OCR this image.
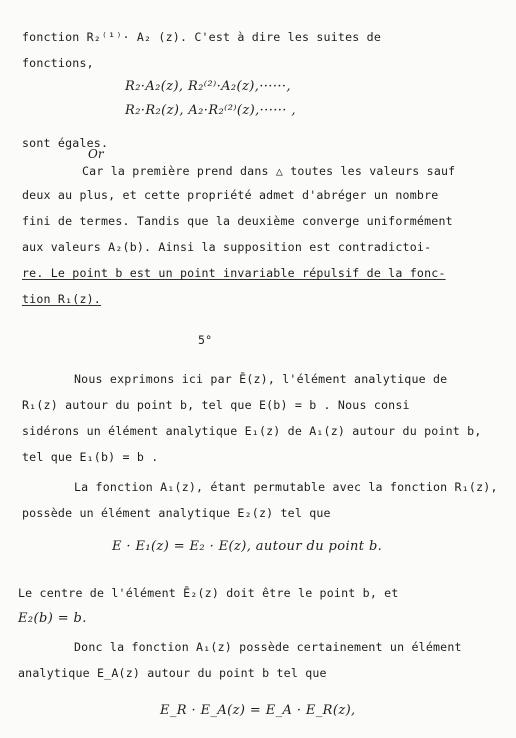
fonction R₂⁽¹⁾· A₂ (z). C'est à dire les suites de
fonctions,
R₂·A₂(z), R₂⁽²⁾·A₂(z),······,
R₂·R₂(z), A₂·R₂⁽²⁾(z),······ ,
sont égales.
Or
Car la première prend dans △ toutes les valeurs sauf
deux au plus, et cette propriété admet d'abréger un nombre
fini de termes. Tandis que la deuxième converge uniformément
aux valeurs A₂(b). Ainsi la supposition est contradictoi-
re. Le point b est un point invariable répulsif de la fonc-
tion R₁(z).
5°
Nous exprimons ici par Ē(z), l'élément analytique de
R₁(z) autour du point b, tel que E(b) = b . Nous consi
sidérons un élément analytique E₁(z) de A₁(z) autour du point b,
tel que E₁(b) = b .
La fonction A₁(z), étant permutable avec la fonction R₁(z),
possède un élément analytique E₂(z) tel que
E · E₁(z) = E₂ · E(z), autour du point b.
Le centre de l'élément Ē₂(z) doit être le point b, et
E₂(b) = b.
Donc la fonction A₁(z) possède certainement un élément
analytique E_A(z) autour du point b tel que
E_R · E_A(z) = E_A · E_R(z),
